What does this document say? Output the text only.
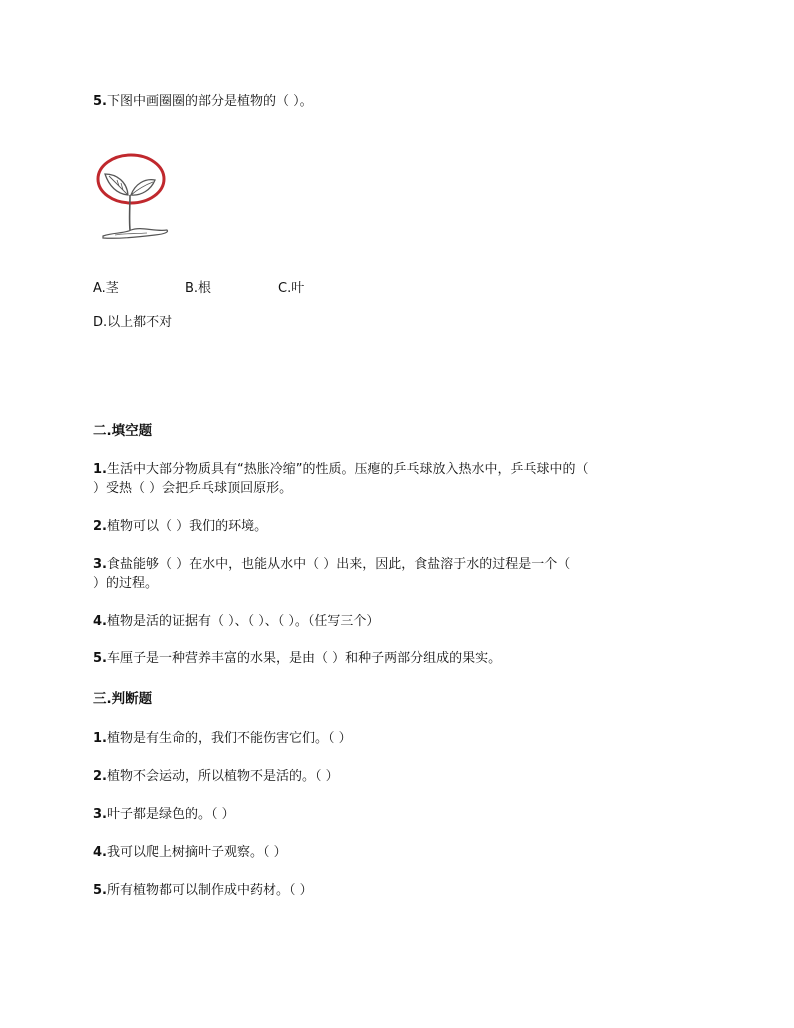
5.下图中画圈圈的部分是植物的（ ）。
A.茎	B.根	C.叶
D.以上都不对
二.填空题
1.生活中大部分物质具有“热胀冷缩”的性质。压瘪的乒乓球放入热水中，乒乓球中的（
）受热（ ）会把乒乓球顶回原形。
2.植物可以（ ）我们的环境。
3.食盐能够（ ）在水中，也能从水中（ ）出来，因此，食盐溶于水的过程是一个（
）的过程。
4.植物是活的证据有（ ）、（ ）、（ ）。（任写三个）
5.车厘子是一种营养丰富的水果，是由（ ）和种子两部分组成的果实。
三.判断题
1.植物是有生命的，我们不能伤害它们。（ ）
2.植物不会运动，所以植物不是活的。（ ）
3.叶子都是绿色的。（ ）
4.我可以爬上树摘叶子观察。（ ）
5.所有植物都可以制作成中药材。（ ）
